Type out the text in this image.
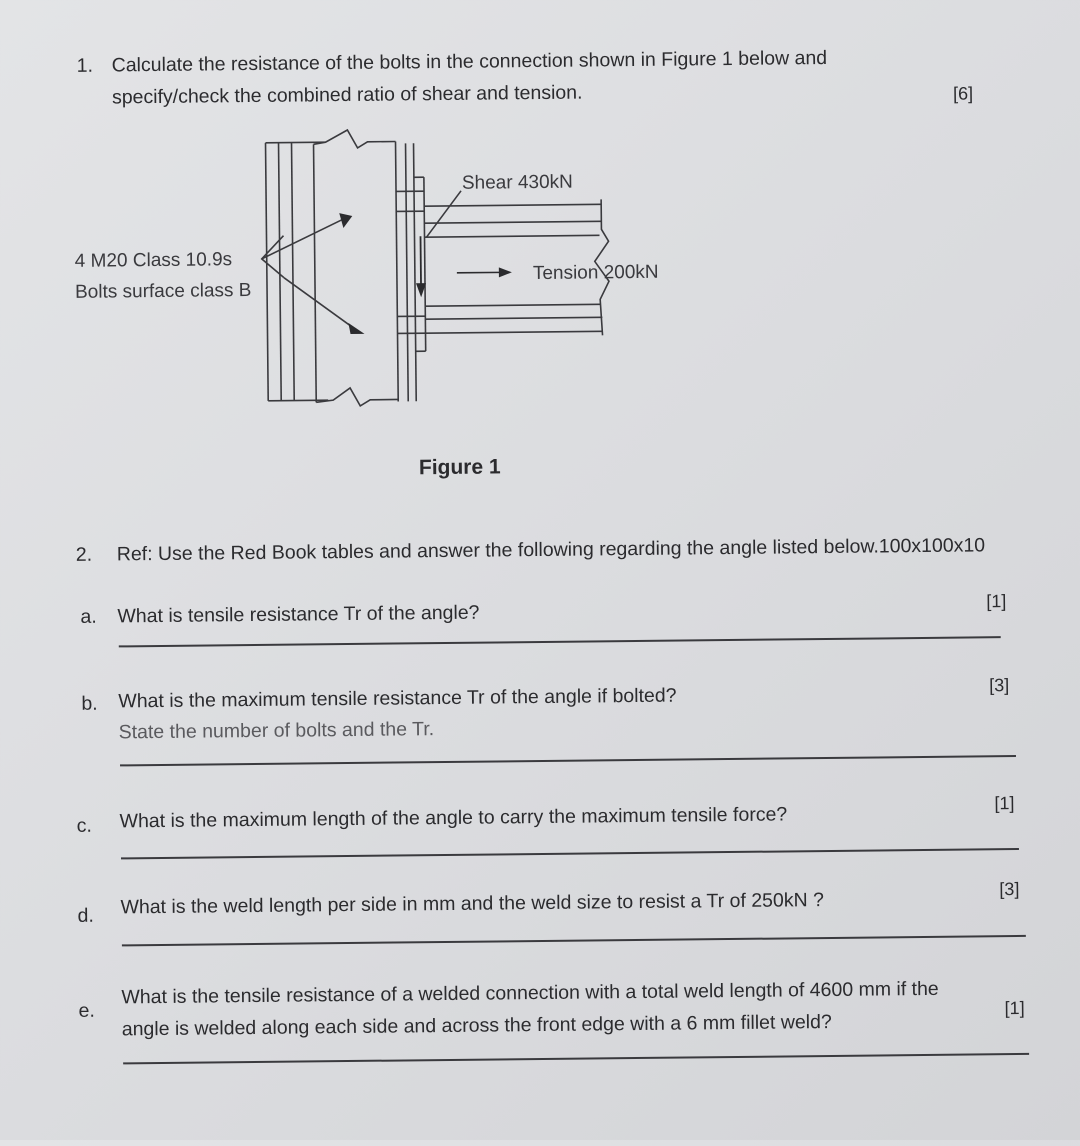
1. Calculate the resistance of the bolts in the connection shown in Figure 1 below and
specify/check the combined ratio of shear and tension.	[6]
Shear 430kN
Tension 200kN
4 M20 Class 10.9s
Bolts surface class B
Figure 1
2. Ref: Use the Red Book tables and answer the following regarding the angle listed below.100x100x10
a. What is tensile resistance Tr of the angle?
[1]
b. What is the maximum tensile resistance Tr of the angle if bolted?
State the number of bolts and the Tr.
[3]
c. What is the maximum length of the angle to carry the maximum tensile force?
[1]
d. What is the weld length per side in mm and the weld size to resist a Tr of 250kN ?	[3]
e.
What is the tensile resistance of a welded connection with a total weld length of 4600 mm if the
angle is welded along each side and across the front edge with a 6 mm fillet weld?
[1]
